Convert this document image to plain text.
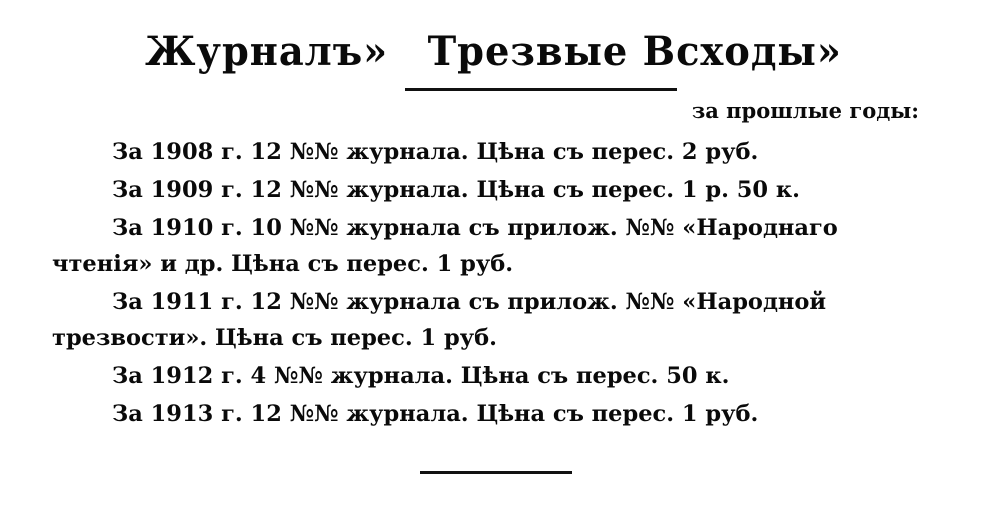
Журналъ» Трезвые Всходы»
за прошлые годы:

За 1908 г. 12 №№ журнала. Цѣна съ перес. 2 руб.

За 1909 г. 12 №№ журнала. Цѣна съ перес. 1 р. 50 к.

За 1910 г. 10 №№ журнала съ прилож. №№ «Народнаго чтенія» и др. Цѣна съ перес. 1 руб.

За 1911 г. 12 №№ журнала съ прилож. №№ «Народной трезвости». Цѣна съ перес. 1 руб.

За 1912 г. 4 №№ журнала. Цѣна съ перес. 50 к.

За 1913 г. 12 №№ журнала. Цѣна съ перес. 1 руб.
